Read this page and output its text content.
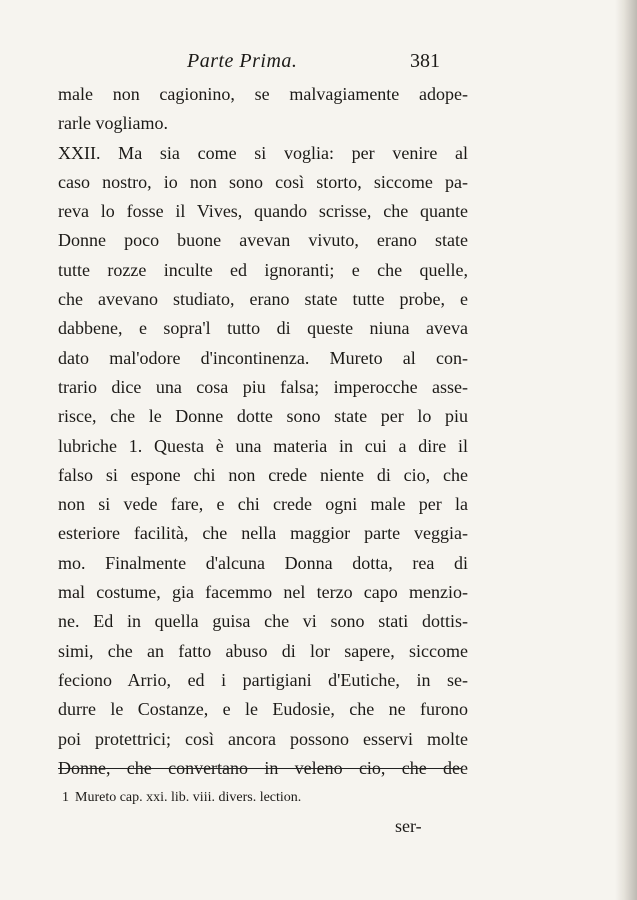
Parte Prima.	381
male non cagionino, se malvagiamente adope-
rarle vogliamo.
XXII. Ma sia come si voglia: per venire al
caso nostro, io non sono così storto, siccome pa-
reva lo fosse il Vives, quando scrisse, che quante
Donne poco buone avevan vivuto, erano state
tutte rozze inculte ed ignoranti; e che quelle,
che avevano studiato, erano state tutte probe, e
dabbene, e sopra'l tutto di queste niuna aveva
dato mal'odore d'incontinenza. Mureto al con-
trario dice una cosa piu falsa; imperocche asse-
risce, che le Donne dotte sono state per lo piu
lubriche 1. Questa è una materia in cui a dire il
falso si espone chi non crede niente di cio, che
non si vede fare, e chi crede ogni male per la
esteriore facilità, che nella maggior parte veggia-
mo. Finalmente d'alcuna Donna dotta, rea di
mal costume, gia facemmo nel terzo capo menzio-
ne. Ed in quella guisa che vi sono stati dottis-
simi, che an fatto abuso di lor sapere, siccome
feciono Arrio, ed i partigiani d'Eutiche, in se-
durre le Costanze, e le Eudosie, che ne furono
poi protettrici; così ancora possono esservi molte
Donne, che convertano in veleno cio, che dee
1 Mureto cap. xxi. lib. viii. divers. lection.
ser-
